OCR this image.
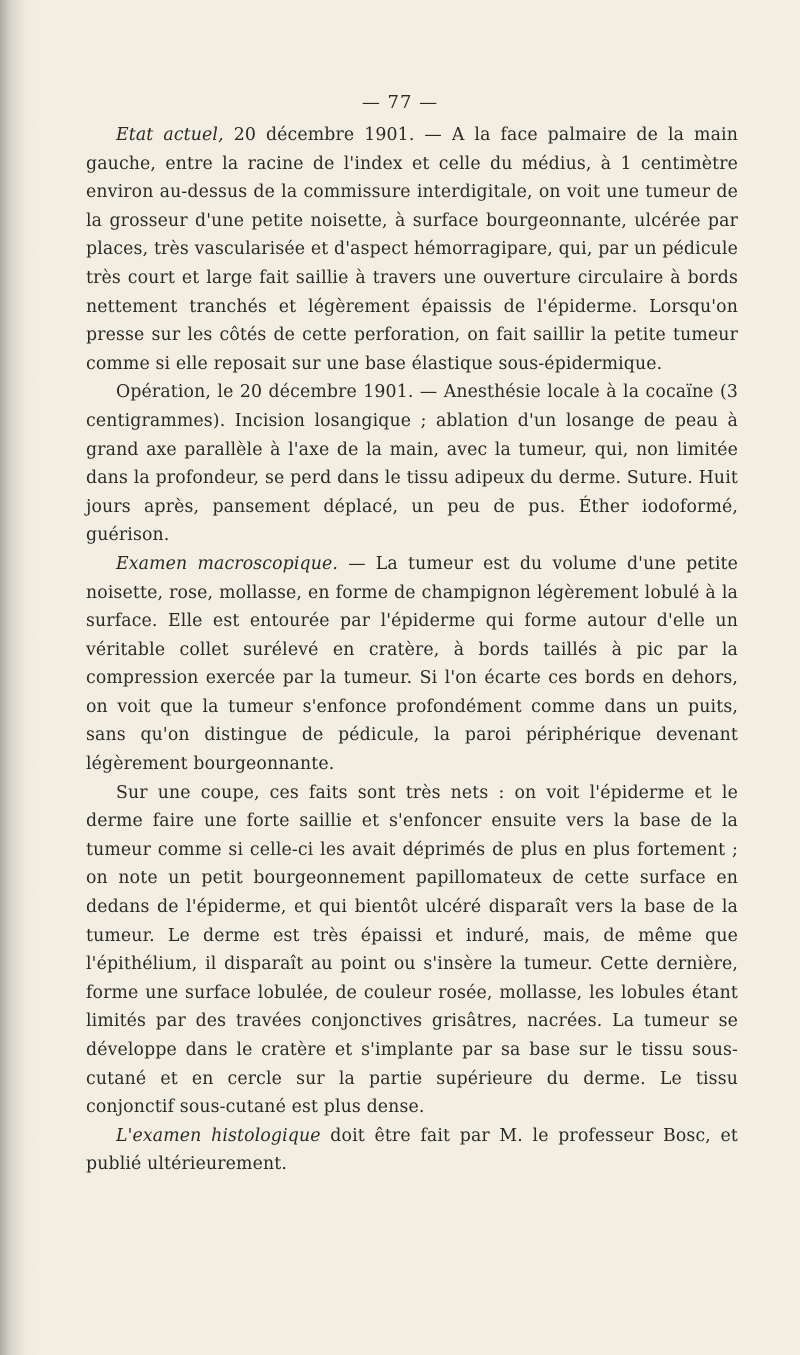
— 77 —

Etat actuel, 20 décembre 1901. — A la face palmaire de la main gauche, entre la racine de l'index et celle du médius, à 1 centimètre environ au-dessus de la commissure interdigitale, on voit une tumeur de la grosseur d'une petite noisette, à surface bourgeonnante, ulcérée par places, très vascularisée et d'aspect hémorragipare, qui, par un pédicule très court et large fait saillie à travers une ouverture circulaire à bords nettement tranchés et légèrement épaissis de l'épiderme. Lorsqu'on presse sur les côtés de cette perforation, on fait saillir la petite tumeur comme si elle reposait sur une base élastique sous-épidermique.

Opération, le 20 décembre 1901. — Anesthésie locale à la cocaïne (3 centigrammes). Incision losangique ; ablation d'un losange de peau à grand axe parallèle à l'axe de la main, avec la tumeur, qui, non limitée dans la profondeur, se perd dans le tissu adipeux du derme. Suture. Huit jours après, pansement déplacé, un peu de pus. Éther iodoformé, guérison.

Examen macroscopique. — La tumeur est du volume d'une petite noisette, rose, mollasse, en forme de champignon légèrement lobulé à la surface. Elle est entourée par l'épiderme qui forme autour d'elle un véritable collet surélevé en cratère, à bords taillés à pic par la compression exercée par la tumeur. Si l'on écarte ces bords en dehors, on voit que la tumeur s'enfonce profondément comme dans un puits, sans qu'on distingue de pédicule, la paroi périphérique devenant légèrement bourgeonnante.

Sur une coupe, ces faits sont très nets : on voit l'épiderme et le derme faire une forte saillie et s'enfoncer ensuite vers la base de la tumeur comme si celle-ci les avait déprimés de plus en plus fortement ; on note un petit bourgeonnement papillomateux de cette surface en dedans de l'épiderme, et qui bientôt ulcéré disparaît vers la base de la tumeur. Le derme est très épaissi et induré, mais, de même que l'épithélium, il disparaît au point ou s'insère la tumeur. Cette dernière, forme une surface lobulée, de couleur rosée, mollasse, les lobules étant limités par des travées conjonctives grisâtres, nacrées. La tumeur se développe dans le cratère et s'implante par sa base sur le tissu sous-cutané et en cercle sur la partie supérieure du derme. Le tissu conjonctif sous-cutané est plus dense.

L'examen histologique doit être fait par M. le professeur Bosc, et publié ultérieurement.
